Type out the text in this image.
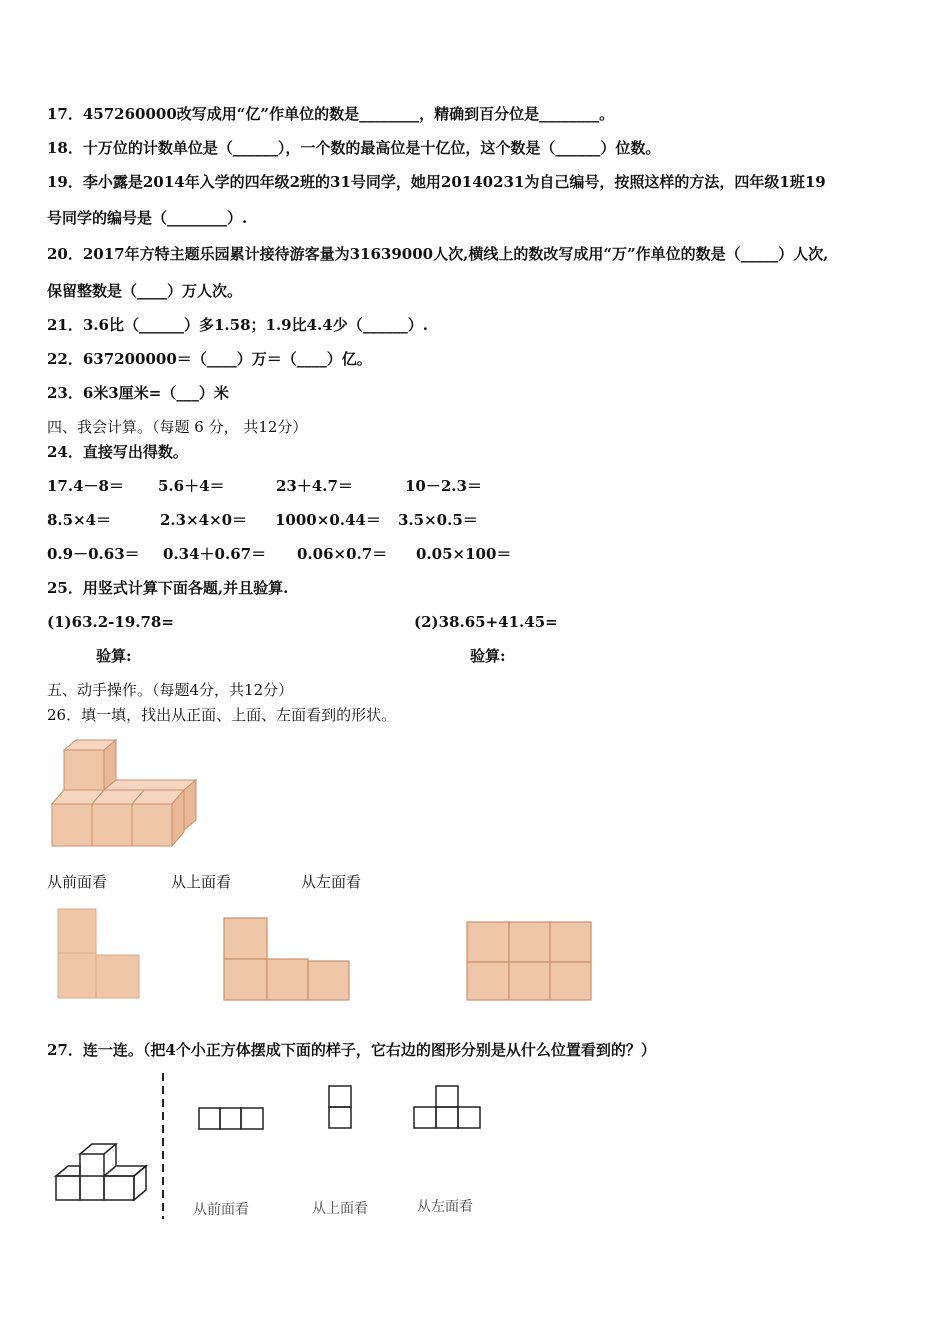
17．457260000改写成用“亿”作单位的数是________，精确到百分位是________。
18．十万位的计数单位是（______），一个数的最高位是十亿位，这个数是（______）位数。
19．李小露是2014年入学的四年级2班的31号同学，她用20140231为自己编号，按照这样的方法，四年级1班19
号同学的编号是（________）.
20．2017年方特主题乐园累计接待游客量为31639000人次,横线上的数改写成用“万”作单位的数是（_____）人次,
保留整数是（____）万人次。
21．3.6比（______）多1.58；1.9比4.4少（______）.
22．637200000＝（____）万＝（____）亿。
23．6米3厘米=（___）米
四、我会计算。（每题 6 分， 共12分）
24．直接写出得数。
17.4－8＝ 5.6＋4＝	23＋4.7＝	10－2.3＝
8.5×4＝	2.3×4×0＝ 1000×0.44＝ 3.5×0.5＝
0.9－0.63＝ 0.34＋0.67＝ 0.06×0.7＝ 0.05×100＝
25．用竖式计算下面各题,并且验算.
(1)63.2-19.78=	(2)38.65+41.45=
验算:	验算:
五、动手操作。（每题4分，共12分）
26．填一填，找出从正面、上面、左面看到的形状。
从前面看	从上面看	从左面看
27．连一连。（把4个小正方体摆成下面的样子，它右边的图形分别是从什么位置看到的？）
从前面看	从上面看	从左面看
